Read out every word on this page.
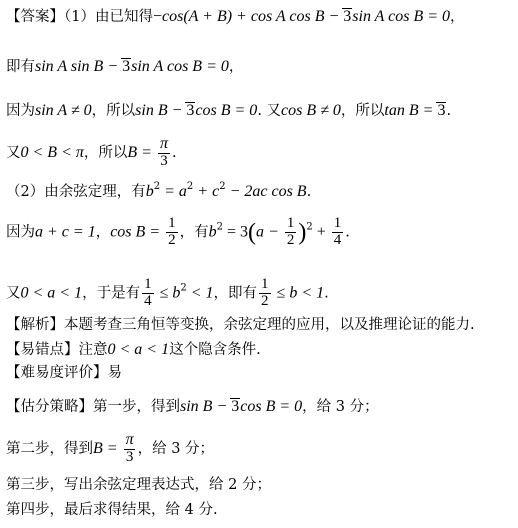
【答案】（1）由已知得−cos(A + B) + cos A cos B − 3sin A cos B = 0，
即有sin A sin B − 3sin A cos B = 0，
因为sin A ≠ 0，所以sin B − 3cos B = 0. 又cos B ≠ 0，所以tan B = 3.
又0 < B < π，所以$B = \frac{\pi}{3}$ .
（2）由余弦定理，有$b^2 = a^2 + c^2 - 2ac$ cos B.
因为a + c = 1，$\cos B = \frac{1}{2}$ ，有$b^2 = 3(a - \frac{1}{2} )^2 + \frac{1}{4}$ .
又0 < a < 1，于是有 $\frac{1}{4} \le b^2 < 1$，即有 $\frac{1}{2} \le b < 1$.
【解析】本题考查三角恒等变换，余弦定理的应用，以及推理论证的能力.
【易错点】注意0 < a < 1这个隐含条件.
【难易度评价】易
【估分策略】第一步，得到sin B − 3cos B = 0，给 3 分；
第二步，得到$B = \frac{\pi}{3}$ ，给 3 分；
第三步，写出余弦定理表达式，给 2 分；
第四步，最后求得结果，给 4 分.
